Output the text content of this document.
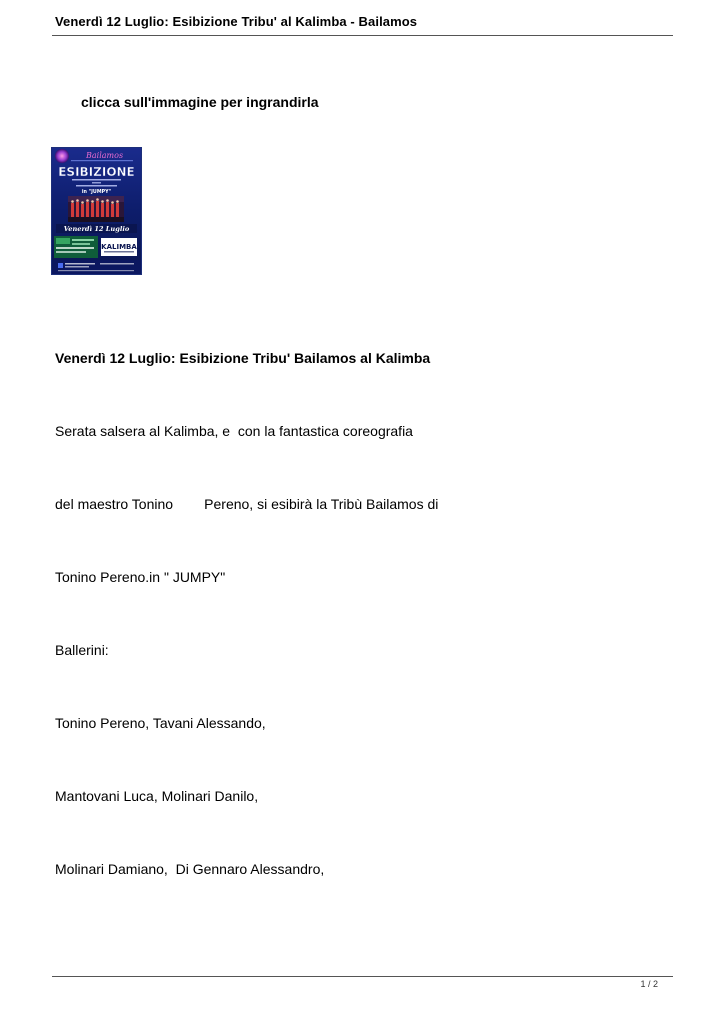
Venerdì 12 Luglio: Esibizione Tribu' al Kalimba - Bailamos
clicca sull'immagine per ingrandirla
Bailamos
ESIBIZIONE
in "JUMPY"
Venerdì 12 Luglio
KALIMBA
Venerdì 12 Luglio: Esibizione Tribu' Bailamos al Kalimba
Serata salsera al Kalimba, e  con la fantastica coreografia
del maestro Tonino        Pereno, si esibirà la Tribù Bailamos di
Tonino Pereno.in " JUMPY"
Ballerini:
Tonino Pereno, Tavani Alessando,
Mantovani Luca, Molinari Danilo,
Molinari Damiano,  Di Gennaro Alessandro,
1 / 2
